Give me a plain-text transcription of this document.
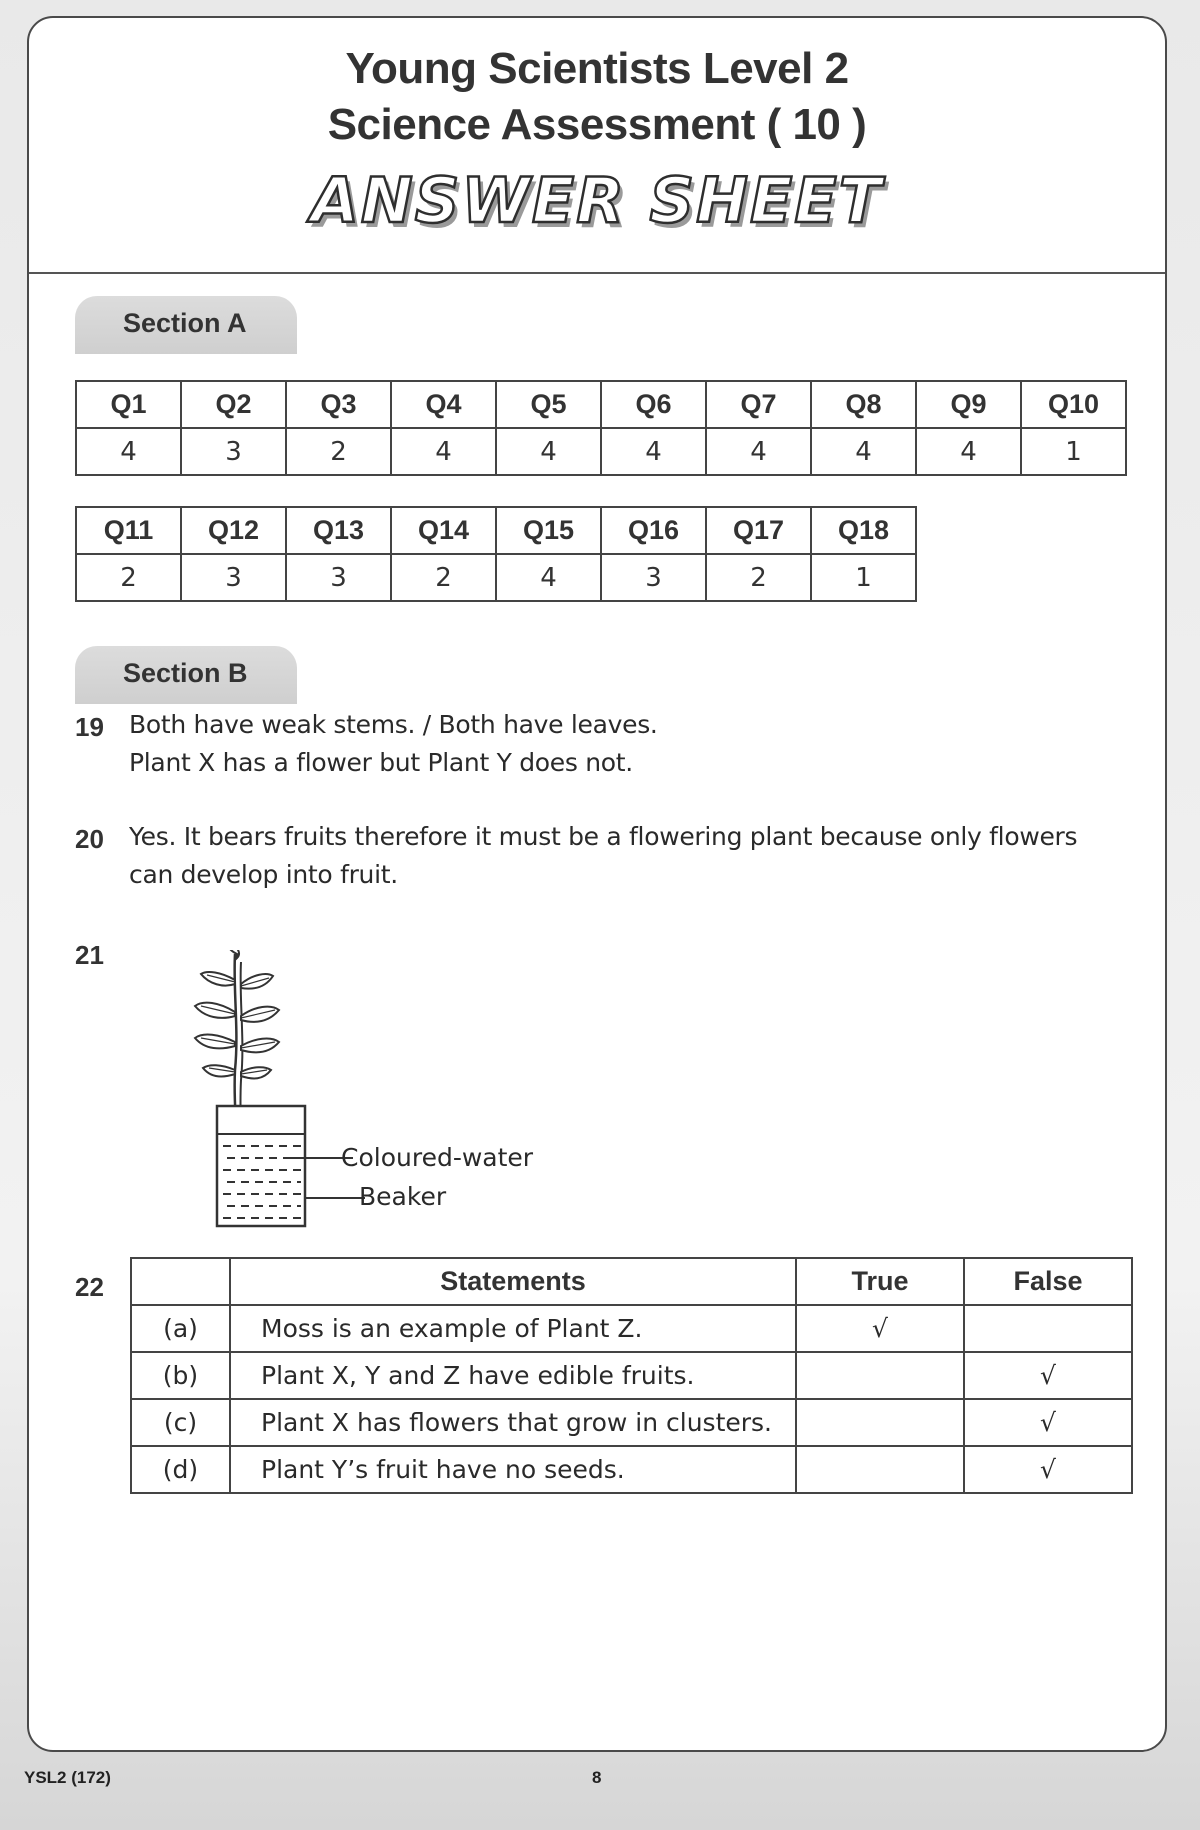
Young Scientists Level 2
Science Assessment ( 10 )
ANSWER SHEET
Section A
Q1	Q2	Q3	Q4	Q5	Q6	Q7	Q8	Q9	Q10
4	3	2	4	4	4	4	4	4	1
Q11	Q12	Q13	Q14	Q15	Q16	Q17	Q18
2	3	3	2	4	3	2	1
Section B
19 Both have weak stems. / Both have leaves.
Plant X has a flower but Plant Y does not.
20 Yes. It bears fruits therefore it must be a flowering plant because only flowers
can develop into fruit.
21
Coloured-water
Beaker
22
		Statements	True	False
(a)	Moss is an example of Plant Z.	√	
(b)	Plant X, Y and Z have edible fruits.		√
(c)	Plant X has flowers that grow in clusters.		√
(d)	Plant Y’s fruit have no seeds.		√
YSL2 (172)	8
